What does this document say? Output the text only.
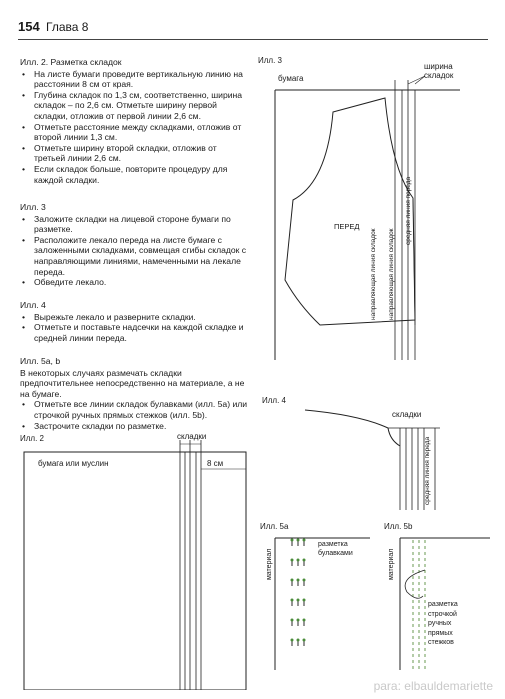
154 Глава 8

Илл. 2. Разметка складок

• На листе бумаги проведите вертикальную линию на расстоянии 8 см от края.
• Глубина складок по 1,3 см, соответственно, ширина складок – по 2,6 см. Отметьте ширину первой складки, отложив от первой линии 2,6 см.
• Отметьте расстояние между складками, отложив от второй линии 1,3 см.
• Отметьте ширину второй складки, отложив от третьей линии 2,6 см.
• Если складок больше, повторите процедуру для каждой складки.

Илл. 3

• Заложите складки на лицевой стороне бумаги по разметке.
• Расположите лекало переда на листе бумаге с заложенными складками, совмещая сгибы складок с направляющими линиями, намеченными на лекале переда.
• Обведите лекало.

Илл. 4

• Вырежьте лекало и разверните складки.
• Отметьте и поставьте надсечки на каждой складке и средней линии переда.

Илл. 5a, b

В некоторых случаях размечать складки предпочтительнее непосредственно на материале, а не на бумаге.

• Отметьте все линии складок булавками (илл. 5a) или строчкой ручных прямых стежков (илл. 5b).
• Застрочите складки по разметке.
Илл. 2	складки
бумага или муслин	8 см
Илл. 3
бумага
ширина складок
ПЕРЕД
направляющая линия складок направляющая линия складок
средняя линия переда
Илл. 4
складки
средняя линия переда
Илл. 5a
материал
разметка булавками
Илл. 5b
материал
разметка строчкой ручных прямых стежков
para: elbauldemariette
